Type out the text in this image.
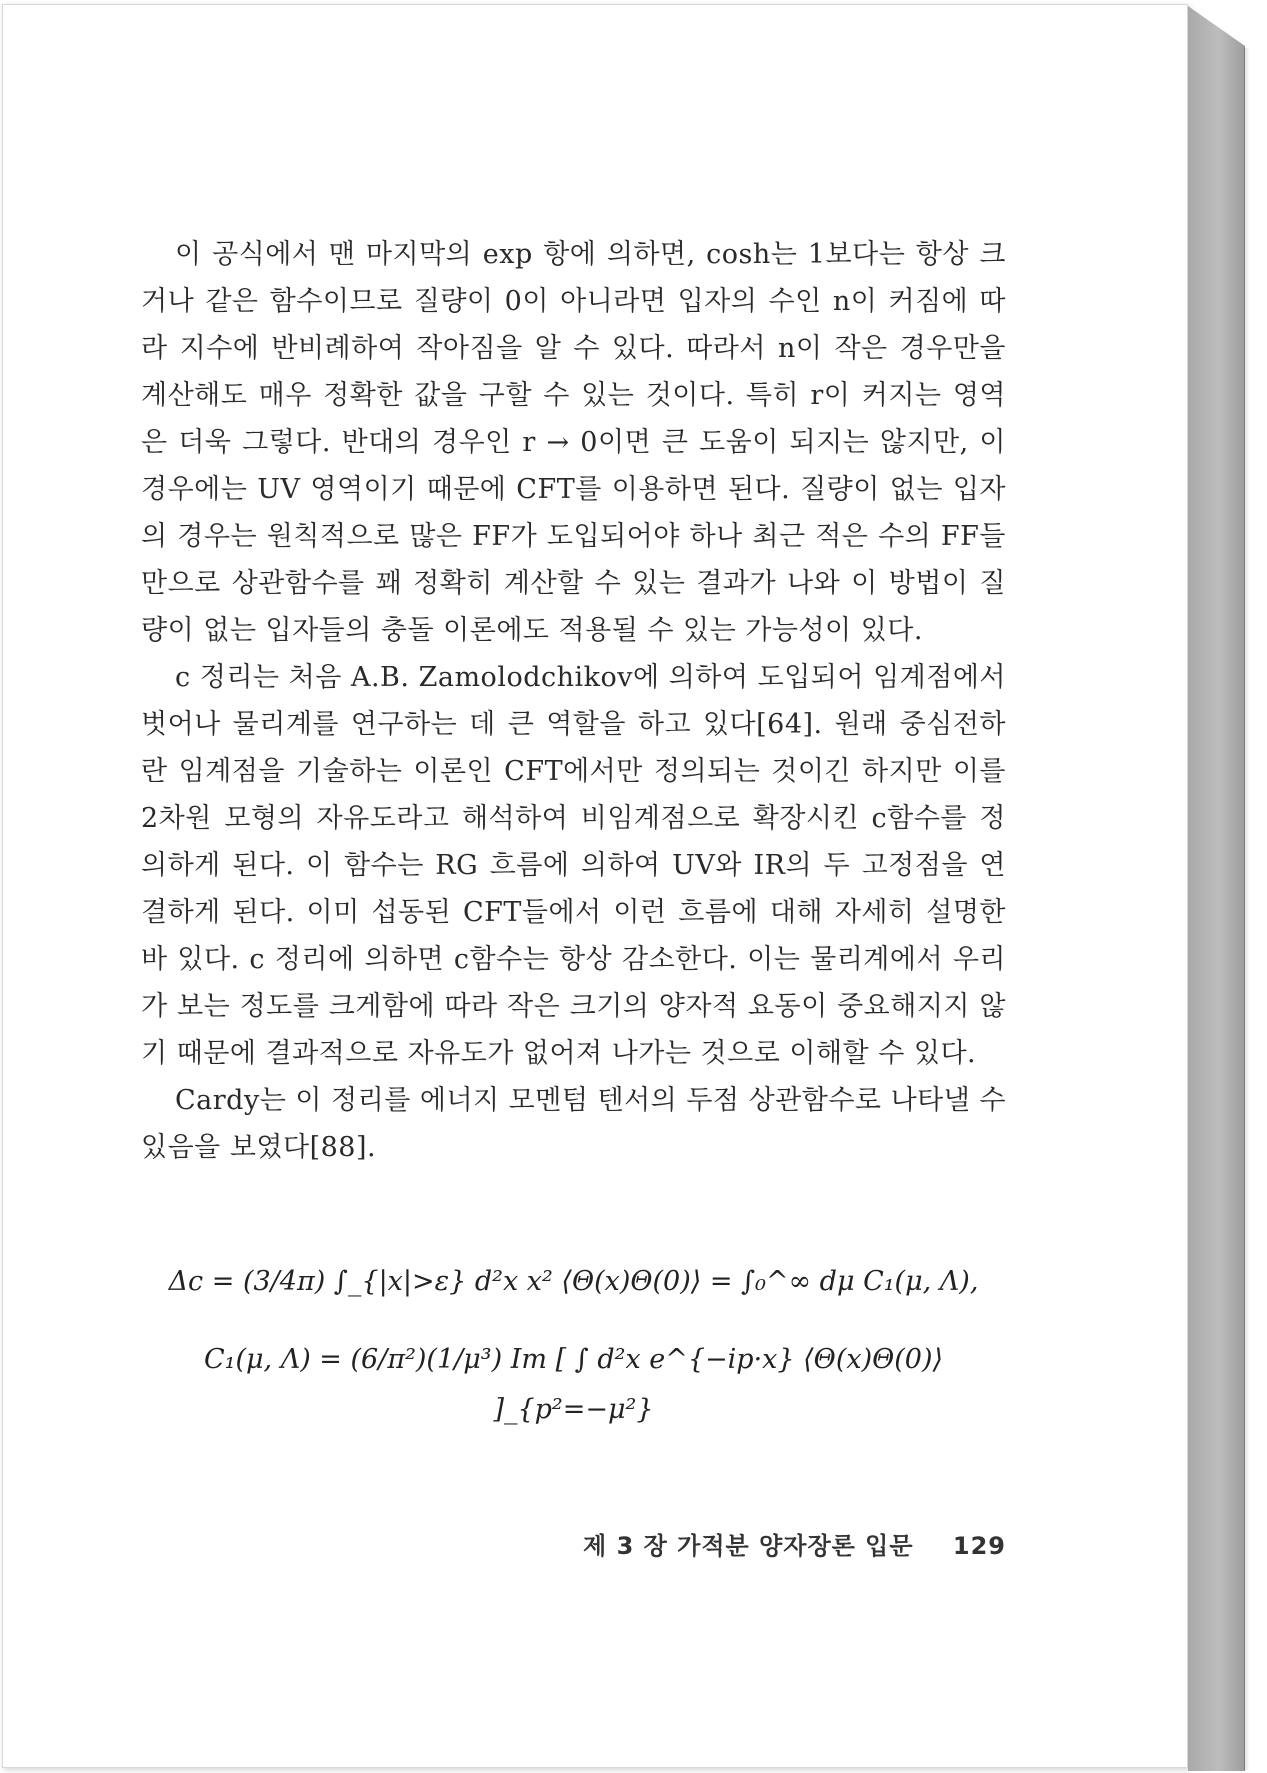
이 공식에서 맨 마지막의 exp 항에 의하면, cosh는 1보다는 항상 크거나 같은 함수이므로 질량이 0이 아니라면 입자의 수인 n이 커짐에 따라 지수에 반비례하여 작아짐을 알 수 있다. 따라서 n이 작은 경우만을 계산해도 매우 정확한 값을 구할 수 있는 것이다. 특히 r이 커지는 영역은 더욱 그렇다. 반대의 경우인 r → 0이면 큰 도움이 되지는 않지만, 이 경우에는 UV 영역이기 때문에 CFT를 이용하면 된다. 질량이 없는 입자의 경우는 원칙적으로 많은 FF가 도입되어야 하나 최근 적은 수의 FF들만으로 상관함수를 꽤 정확히 계산할 수 있는 결과가 나와 이 방법이 질량이 없는 입자들의 충돌 이론에도 적용될 수 있는 가능성이 있다.

c 정리는 처음 A.B. Zamolodchikov에 의하여 도입되어 임계점에서 벗어나 물리계를 연구하는 데 큰 역할을 하고 있다[64]. 원래 중심전하란 임계점을 기술하는 이론인 CFT에서만 정의되는 것이긴 하지만 이를 2차원 모형의 자유도라고 해석하여 비임계점으로 확장시킨 c함수를 정의하게 된다. 이 함수는 RG 흐름에 의하여 UV와 IR의 두 고정점을 연결하게 된다. 이미 섭동된 CFT들에서 이런 흐름에 대해 자세히 설명한 바 있다. c 정리에 의하면 c함수는 항상 감소한다. 이는 물리계에서 우리가 보는 정도를 크게함에 따라 작은 크기의 양자적 요동이 중요해지지 않기 때문에 결과적으로 자유도가 없어져 나가는 것으로 이해할 수 있다.

Cardy는 이 정리를 에너지 모멘텀 텐서의 두점 상관함수로 나타낼 수 있음을 보였다[88].

Δc = (3/4π) ∫_{|x|>ε} d²x x² ⟨Θ(x)Θ(0)⟩ = ∫₀^∞ dμ C₁(μ, Λ),

C₁(μ, Λ) = (6/π²)(1/μ³) Im [ ∫ d²x e^{−ip·x} ⟨Θ(x)Θ(0)⟩ ]_{p²=−μ²}

제 3 장 가적분 양자장론 입문 129
